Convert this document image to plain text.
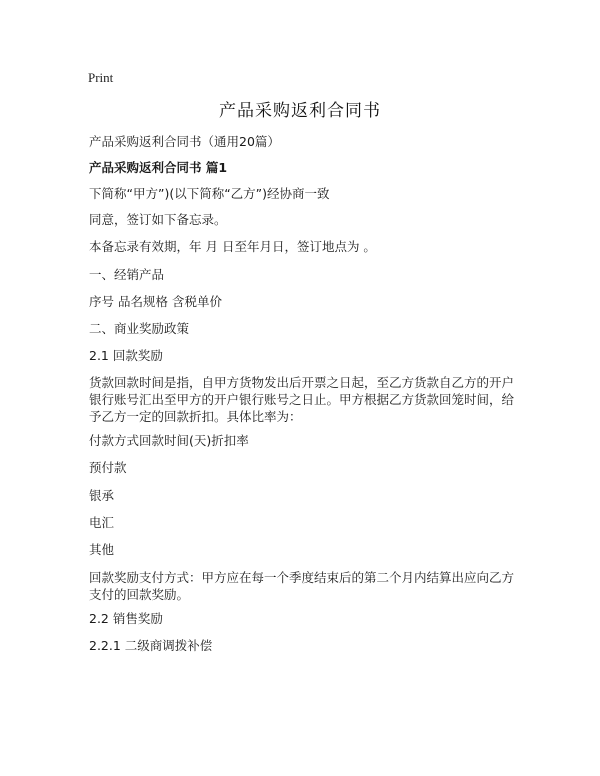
Print
产品采购返利合同书
产品采购返利合同书（通用20篇）
产品采购返利合同书 篇1
下简称“甲方”)(以下简称“乙方”)经协商一致
同意，签订如下备忘录。
本备忘录有效期，年 月 日至年月日，签订地点为 。
一、经销产品
序号 品名规格 含税单价
二、商业奖励政策
2.1 回款奖励
货款回款时间是指，自甲方货物发出后开票之日起，至乙方货款自乙方的开户银行账号汇出至甲方的开户银行账号之日止。甲方根据乙方货款回笼时间，给予乙方一定的回款折扣。具体比率为：
付款方式回款时间(天)折扣率
预付款
银承
电汇
其他
回款奖励支付方式：甲方应在每一个季度结束后的第二个月内结算出应向乙方支付的回款奖励。
2.2 销售奖励
2.2.1 二级商调拨补偿
